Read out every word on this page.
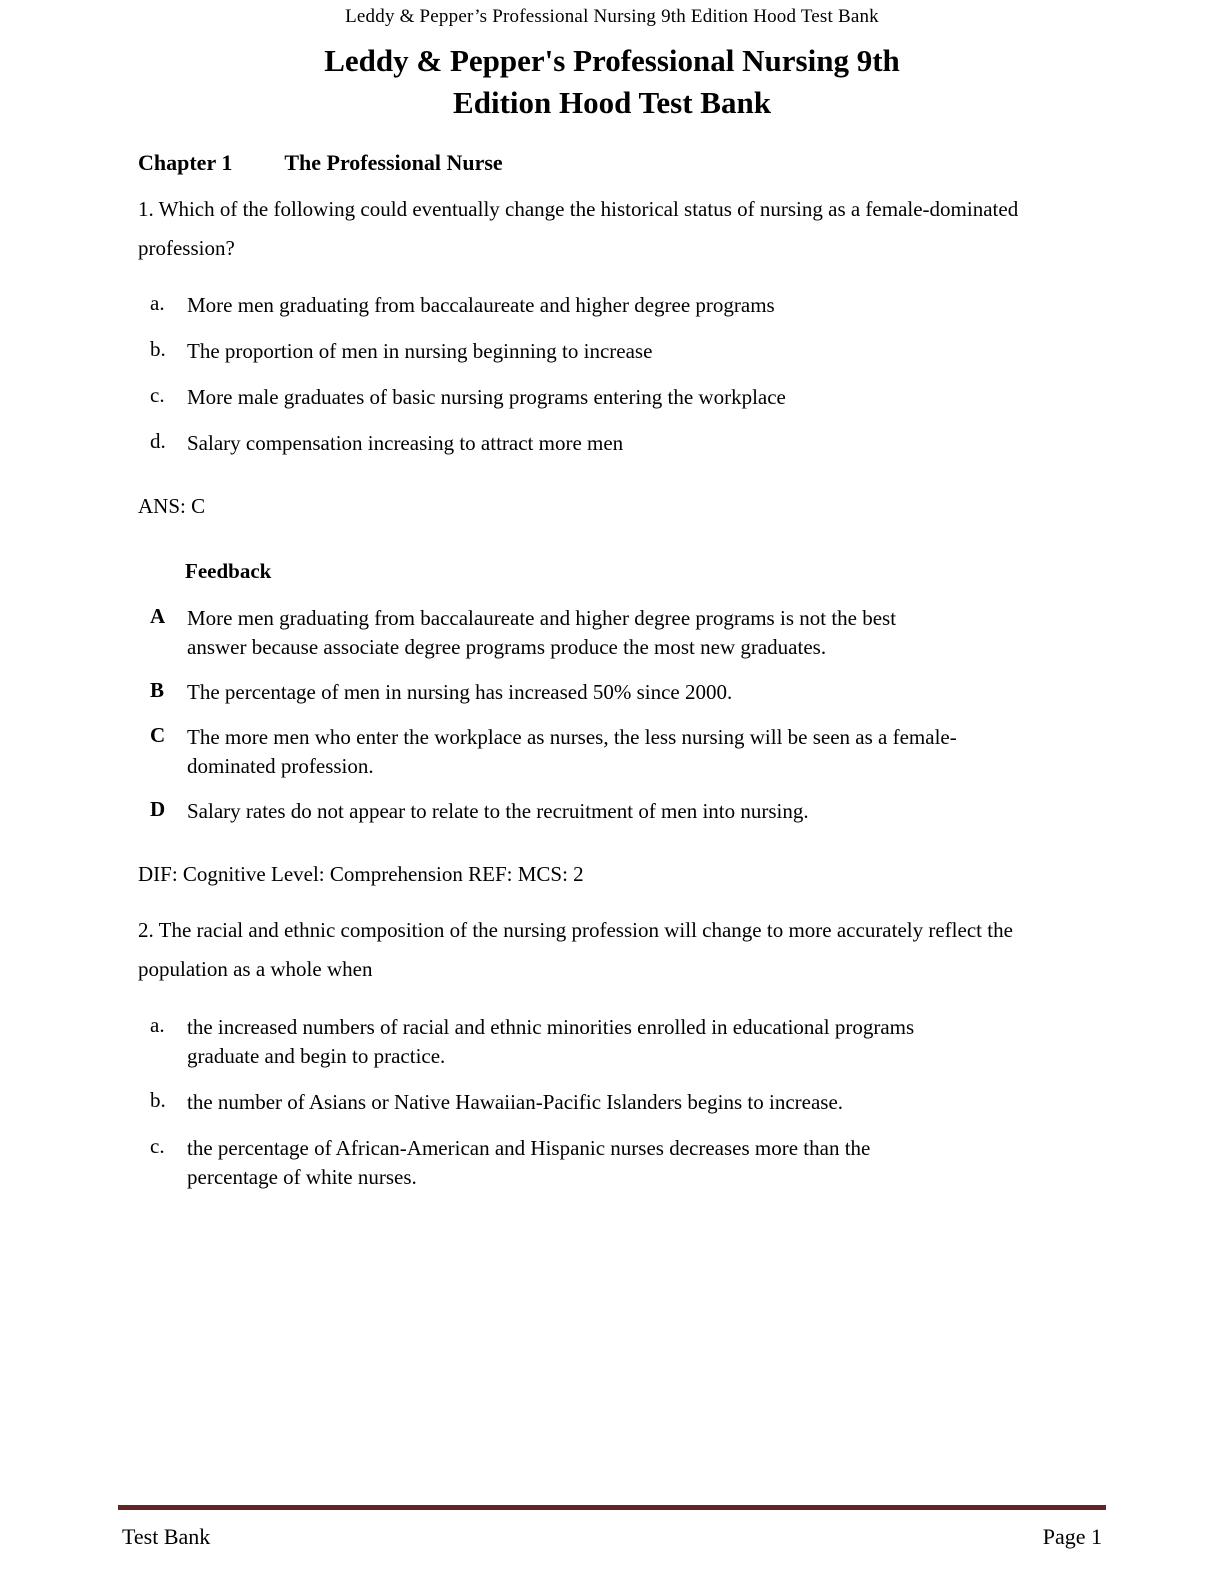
Leddy & Pepper’s Professional Nursing 9th Edition Hood Test Bank
Leddy & Pepper's Professional Nursing 9th
Edition Hood Test Bank
Chapter 1 The Professional Nurse
1. Which of the following could eventually change the historical status of nursing as a female-dominated profession?
a.	More men graduating from baccalaureate and higher degree programs
b.	The proportion of men in nursing beginning to increase
c.	More male graduates of basic nursing programs entering the workplace
d.	Salary compensation increasing to attract more men
ANS: C
Feedback
A	More men graduating from baccalaureate and higher degree programs is not the best answer because associate degree programs produce the most new graduates.
B	The percentage of men in nursing has increased 50% since 2000.
C	The more men who enter the workplace as nurses, the less nursing will be seen as a female-dominated profession.
D	Salary rates do not appear to relate to the recruitment of men into nursing.
DIF: Cognitive Level: Comprehension REF: MCS: 2
2. The racial and ethnic composition of the nursing profession will change to more accurately reflect the population as a whole when
a.	the increased numbers of racial and ethnic minorities enrolled in educational programs graduate and begin to practice.
b.	the number of Asians or Native Hawaiian-Pacific Islanders begins to increase.
c.	the percentage of African-American and Hispanic nurses decreases more than the percentage of white nurses.
Test Bank	Page 1
